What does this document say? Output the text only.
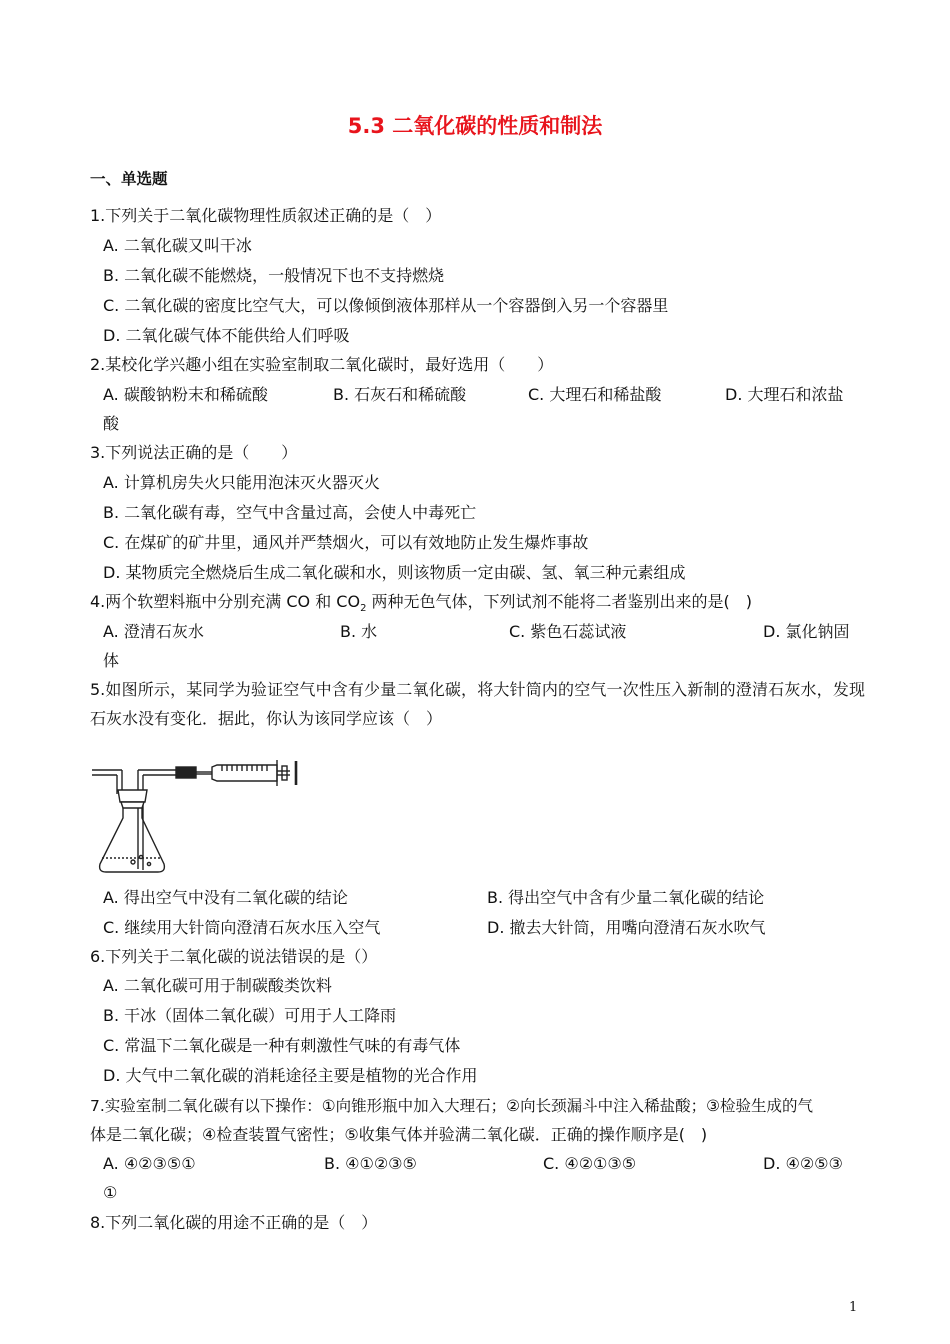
5.3 二氧化碳的性质和制法
一、单选题
1.下列关于二氧化碳物理性质叙述正确的是（　）
A. 二氧化碳又叫干冰
B. 二氧化碳不能燃烧，一般情况下也不支持燃烧
C. 二氧化碳的密度比空气大，可以像倾倒液体那样从一个容器倒入另一个容器里
D. 二氧化碳气体不能供给人们呼吸
2.某校化学兴趣小组在实验室制取二氧化碳时，最好选用（　　）
A. 碳酸钠粉末和稀硫酸	B. 石灰石和稀硫酸	C. 大理石和稀盐酸	D. 大理石和浓盐
酸
3.下列说法正确的是（　　）
A. 计算机房失火只能用泡沫灭火器灭火
B. 二氧化碳有毒，空气中含量过高，会使人中毒死亡
C. 在煤矿的矿井里，通风并严禁烟火，可以有效地防止发生爆炸事故
D. 某物质完全燃烧后生成二氧化碳和水，则该物质一定由碳、氢、氧三种元素组成
4.两个软塑料瓶中分别充满 CO 和 $CO_2$ 两种无色气体，下列试剂不能将二者鉴别出来的是(　)
A. 澄清石灰水	B. 水	C. 紫色石蕊试液	D. 氯化钠固
体
5.如图所示，某同学为验证空气中含有少量二氧化碳，将大针筒内的空气一次性压入新制的澄清石灰水，发现石灰水没有变化．据此，你认为该同学应该（　）
A. 得出空气中没有二氧化碳的结论	B. 得出空气中含有少量二氧化碳的结论
C. 继续用大针筒向澄清石灰水压入空气	D. 撤去大针筒，用嘴向澄清石灰水吹气
6.下列关于二氧化碳的说法错误的是（）
A. 二氧化碳可用于制碳酸类饮料
B. 干冰（固体二氧化碳）可用于人工降雨
C. 常温下二氧化碳是一种有刺激性气味的有毒气体
D. 大气中二氧化碳的消耗途径主要是植物的光合作用
7.实验室制二氧化碳有以下操作：①向锥形瓶中加入大理石；②向长颈漏斗中注入稀盐酸；③检验生成的气
体是二氧化碳；④检查装置气密性；⑤收集气体并验满二氧化碳．正确的操作顺序是(　)
A. ④②③⑤①	B. ④①②③⑤	C. ④②①③⑤	D. ④②⑤③
①
8.下列二氧化碳的用途不正确的是（　）
1
